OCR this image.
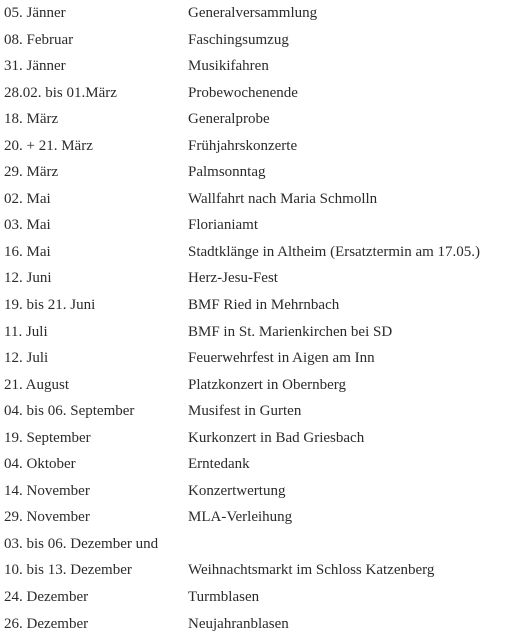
05. Jänner	Generalversammlung
08. Februar	Faschingsumzug
31. Jänner	Musikifahren
28.02. bis 01.März	Probewochenende
18. März	Generalprobe
20. + 21. März	Frühjahrskonzerte
29. März	Palmsonntag
02. Mai	Wallfahrt nach Maria Schmolln
03. Mai	Florianiamt
16. Mai	Stadtklänge in Altheim (Ersatztermin am 17.05.)
12. Juni	Herz-Jesu-Fest
19. bis 21. Juni	BMF Ried in Mehrnbach
11. Juli	BMF in St. Marienkirchen bei SD
12. Juli	Feuerwehrfest in Aigen am Inn
21. August	Platzkonzert in Obernberg
04. bis 06. September	Musifest in Gurten
19. September	Kurkonzert in Bad Griesbach
04. Oktober	Erntedank
14. November	Konzertwertung
29. November	MLA-Verleihung
03. bis 06. Dezember und
10. bis 13. Dezember	Weihnachtsmarkt im Schloss Katzenberg
24. Dezember	Turmblasen
26. Dezember	Neujahranblasen
